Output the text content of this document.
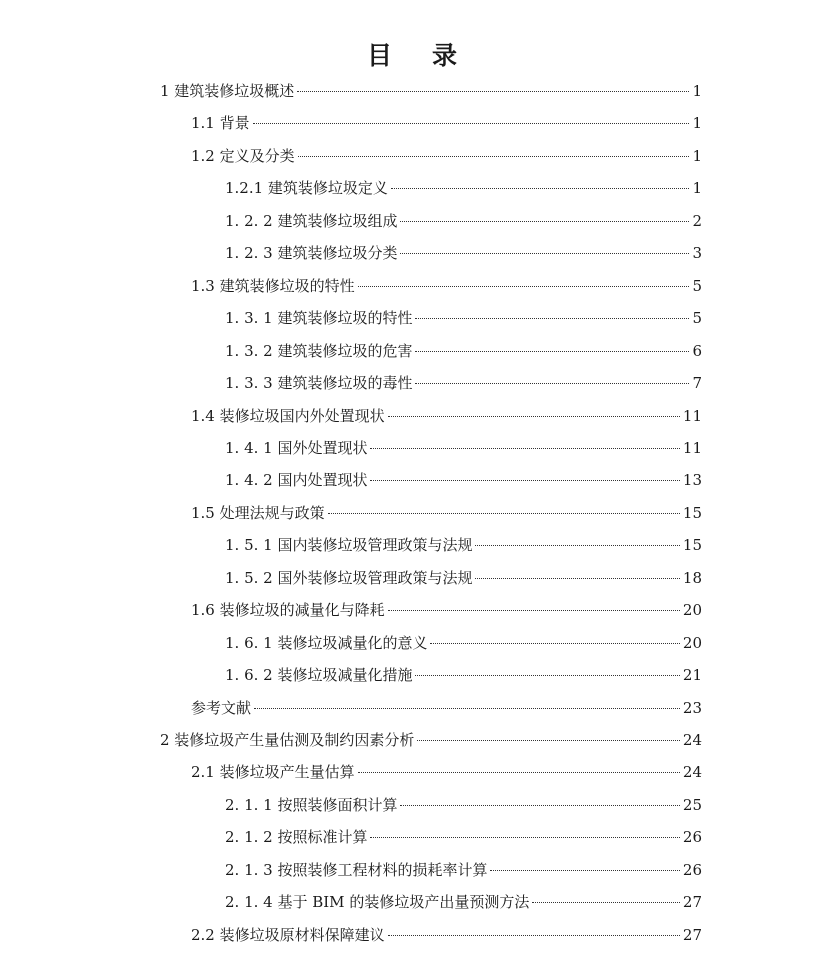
目 录
1 建筑装修垃圾概述	1
1.1 背景	1
1.2 定义及分类	1
1.2.1 建筑装修垃圾定义	1
1. 2. 2 建筑装修垃圾组成	2
1. 2. 3 建筑装修垃圾分类	3
1.3 建筑装修垃圾的特性	5
1. 3. 1 建筑装修垃圾的特性	5
1. 3. 2 建筑装修垃圾的危害	6
1. 3. 3 建筑装修垃圾的毒性	7
1.4 装修垃圾国内外处置现状	11
1. 4. 1 国外处置现状	11
1. 4. 2 国内处置现状	13
1.5 处理法规与政策	15
1. 5. 1 国内装修垃圾管理政策与法规	15
1. 5. 2 国外装修垃圾管理政策与法规	18
1.6 装修垃圾的减量化与降耗	20
1. 6. 1 装修垃圾减量化的意义	20
1. 6. 2 装修垃圾减量化措施	21
参考文献	23
2 装修垃圾产生量估测及制约因素分析	24
2.1 装修垃圾产生量估算	24
2. 1. 1 按照装修面积计算	25
2. 1. 2 按照标准计算	26
2. 1. 3 按照装修工程材料的损耗率计算	26
2. 1. 4 基于 BIM 的装修垃圾产出量预测方法	27
2.2 装修垃圾原材料保障建议	27
